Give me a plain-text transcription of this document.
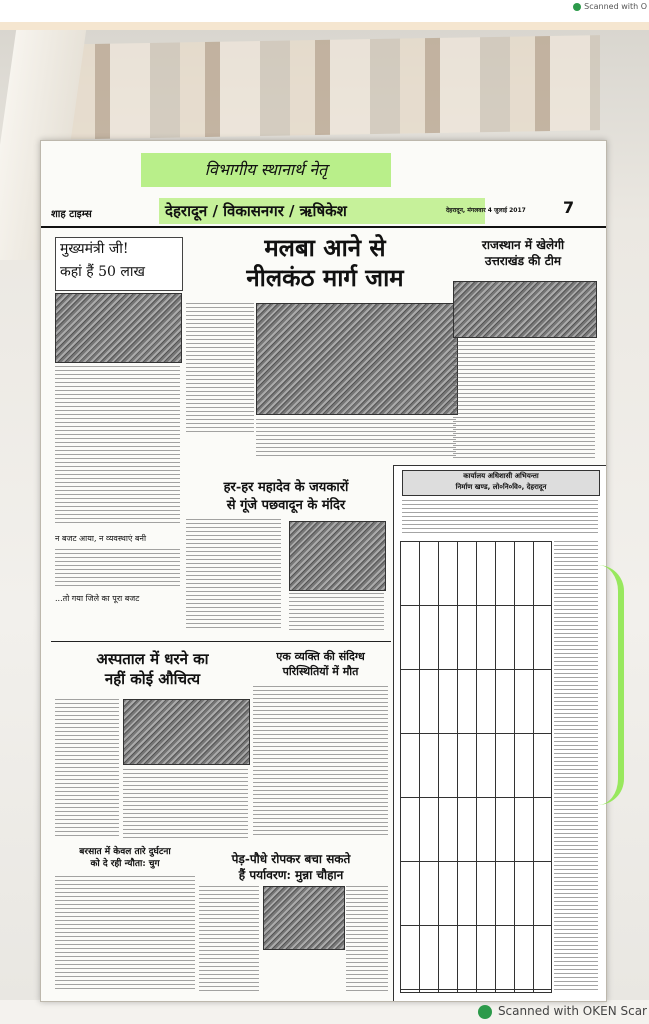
Scanned with O
विभागीय स्थानार्थ नेतृ
शाह टाइम्स	देहरादून / विकासनगर / ऋषिकेश	देहरादून, मंगलवार 4 जुलाई 2017 7
मुख्यमंत्री जी!
कहां हैं 50 लाख
मलबा आने से
नीलकंठ मार्ग जाम
राजस्थान में खेलेगी
उत्तराखंड की टीम
न बजट आया, न व्यवस्थाएं बनी
...तो गया जिले का पूरा बजट
हर-हर महादेव के जयकारों
से गूंजे पछवादून के मंदिर
अस्पताल में धरने का
नहीं कोई औचित्य
एक व्यक्ति की संदिग्ध
परिस्थितियों में मौत
बरसात में केवल तारे दुर्घटना
को दे रही न्यौता: चुग	पेड़-पौधे रोपकर बचा सकते
हैं पर्यावरण: मुन्ना चौहान
कार्यालय अधिशासी अभियन्ता
निर्माण खण्ड, लो०नि०वि०, देहरादून
Scanned with OKEN Scar
